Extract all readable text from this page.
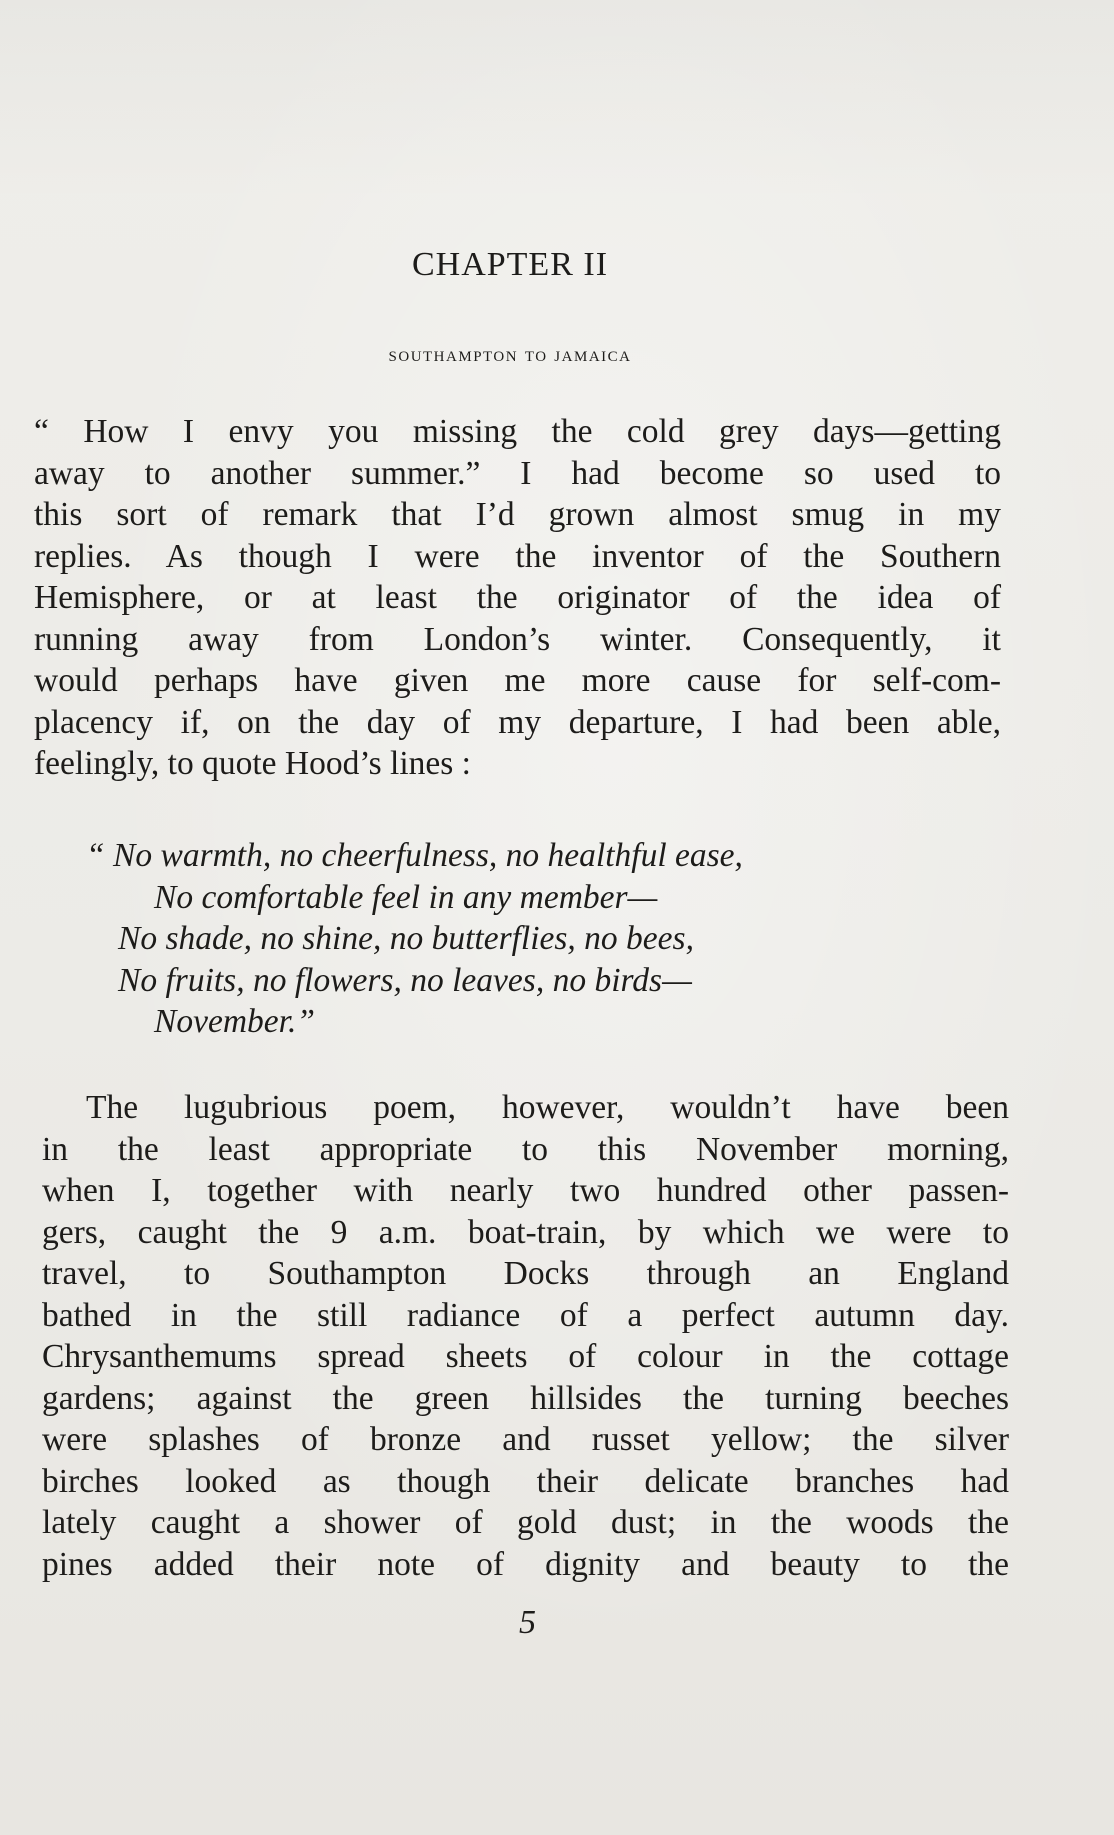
CHAPTER II
southampton to jamaica
“ How I envy you missing the cold grey days—getting
away to another summer.” I had become so used to
this sort of remark that I’d grown almost smug in my
replies. As though I were the inventor of the Southern
Hemisphere, or at least the originator of the idea of
running away from London’s winter. Consequently, it
would perhaps have given me more cause for self-com-
placency if, on the day of my departure, I had been able,
feelingly, to quote Hood’s lines :
“ No warmth, no cheerfulness, no healthful ease,
No comfortable feel in any member—
No shade, no shine, no butterflies, no bees,
No fruits, no flowers, no leaves, no birds—
November.”
The lugubrious poem, however, wouldn’t have been
in the least appropriate to this November morning,
when I, together with nearly two hundred other passen-
gers, caught the 9 a.m. boat-train, by which we were to
travel, to Southampton Docks through an England
bathed in the still radiance of a perfect autumn day.
Chrysanthemums spread sheets of colour in the cottage
gardens; against the green hillsides the turning beeches
were splashes of bronze and russet yellow; the silver
birches looked as though their delicate branches had
lately caught a shower of gold dust; in the woods the
pines added their note of dignity and beauty to the
5
